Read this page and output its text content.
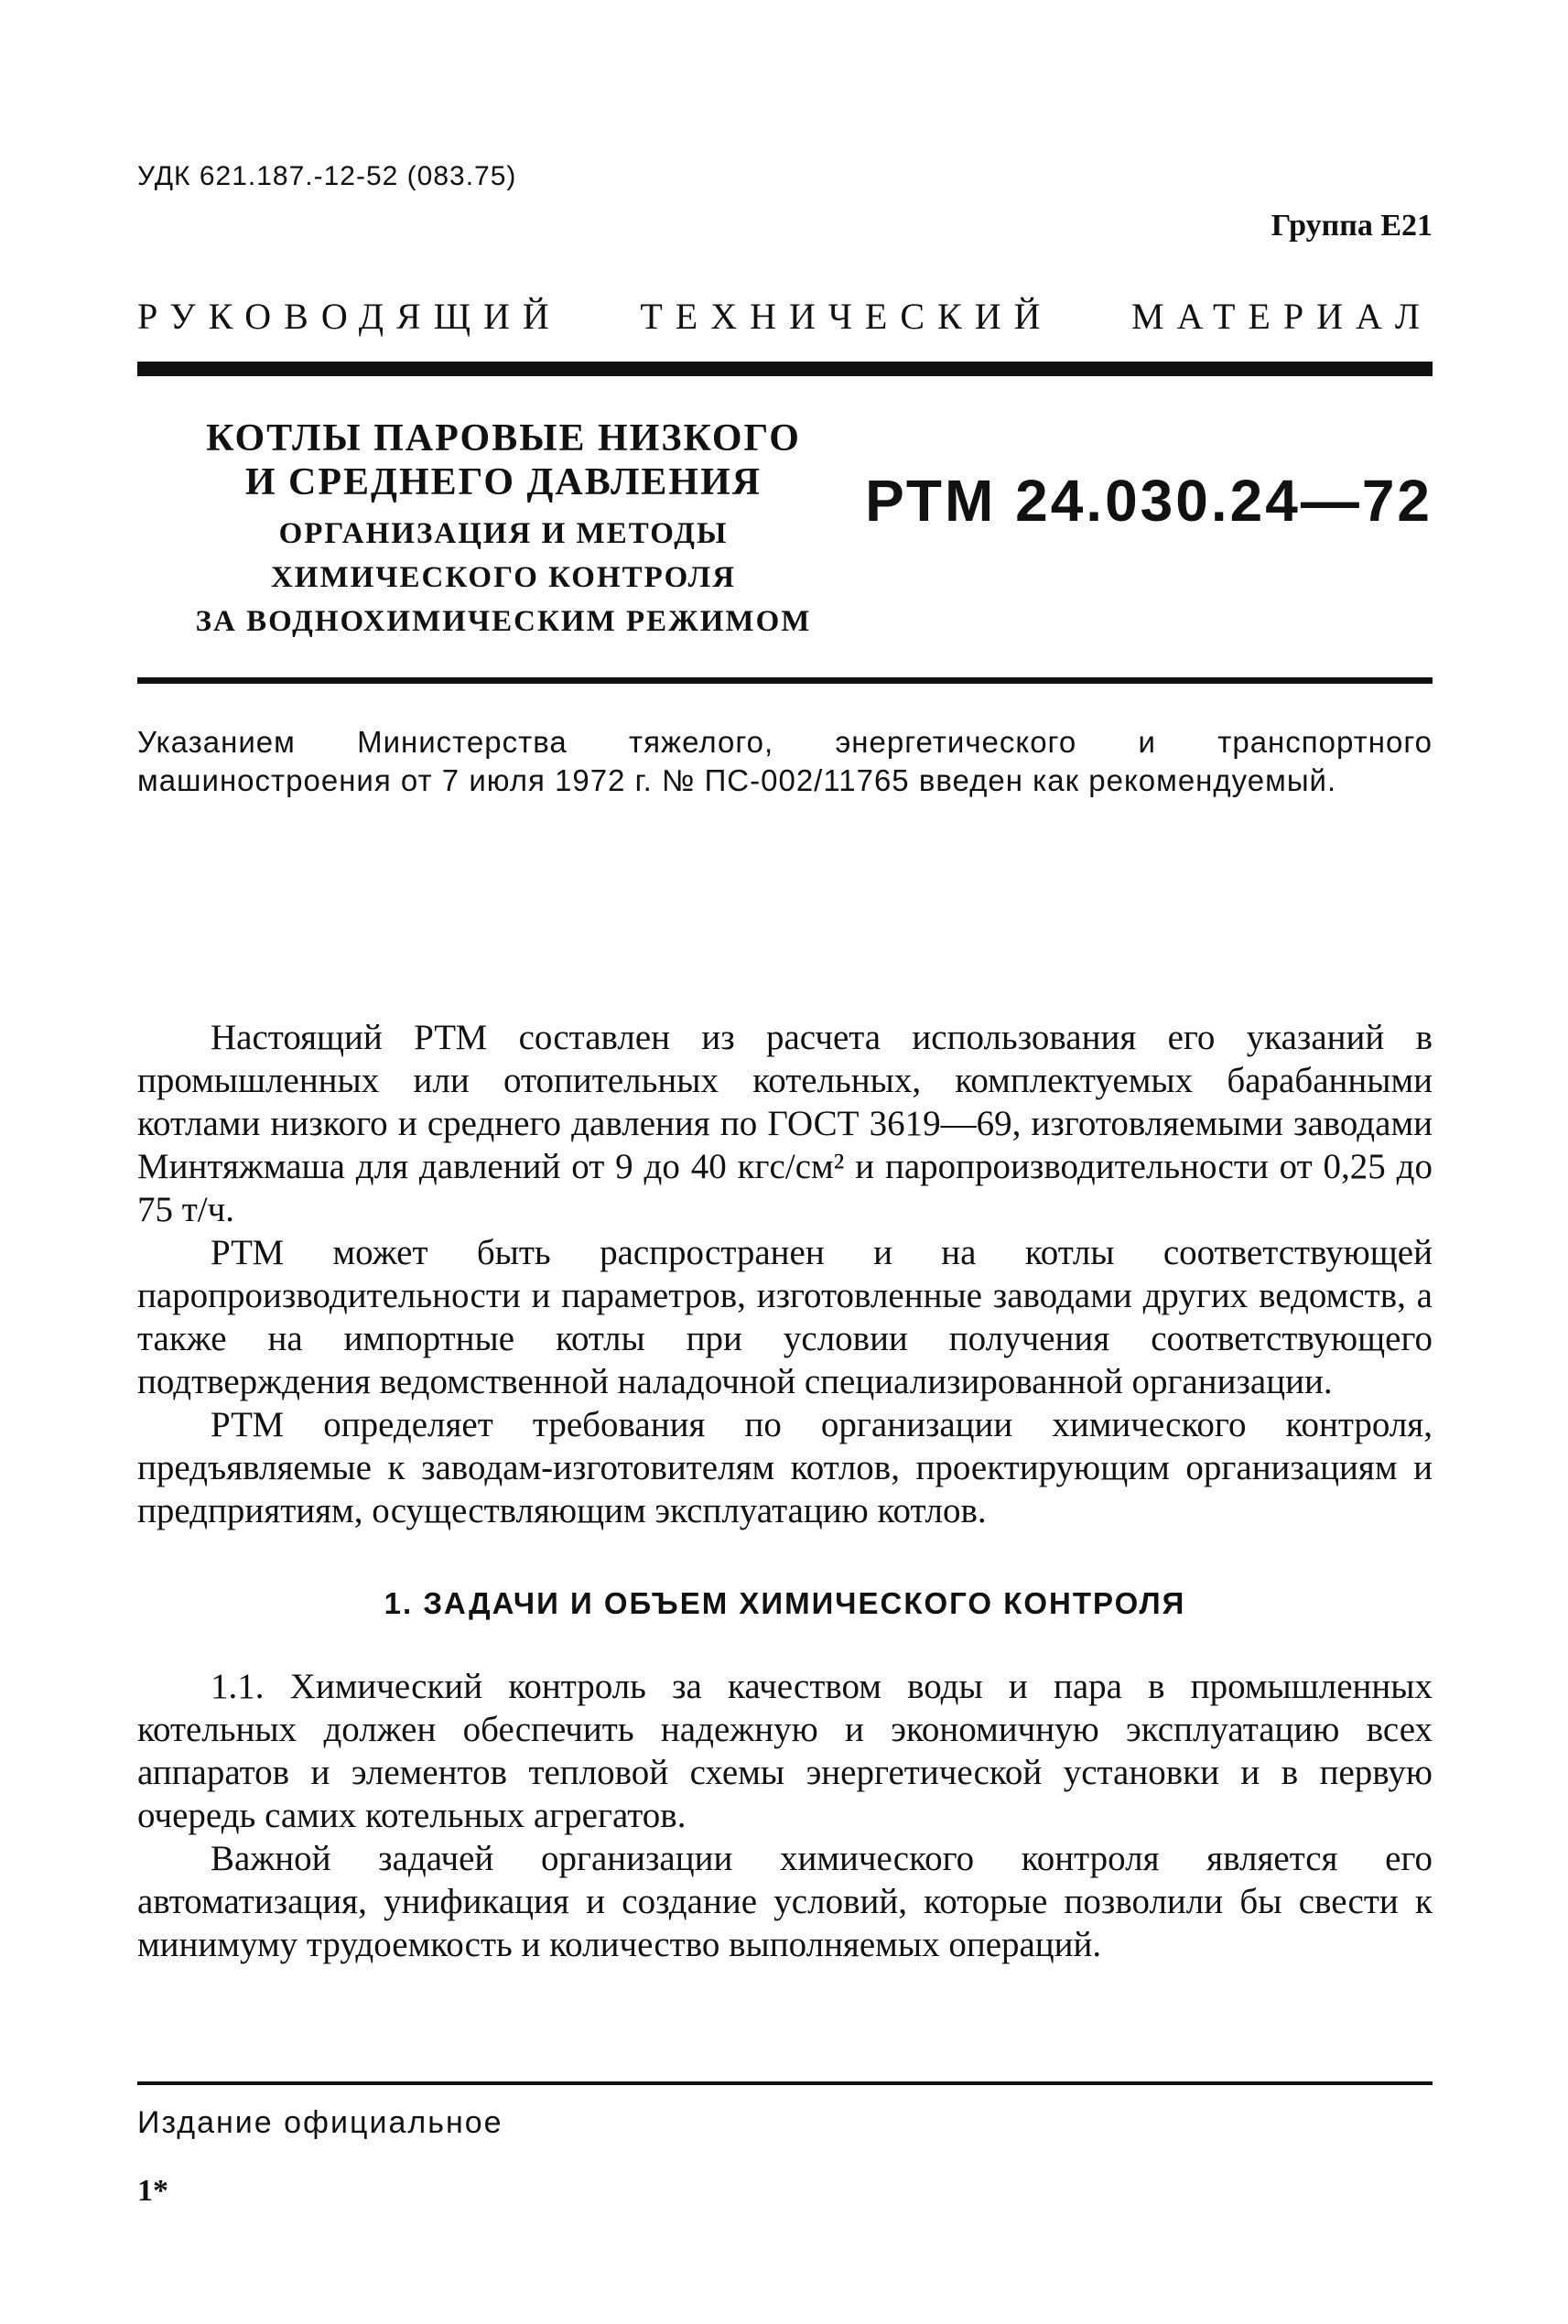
УДК 621.187.-12-52 (083.75)
Группа Е21
РУКОВОДЯЩИЙ ТЕХНИЧЕСКИЙ МАТЕРИАЛ
КОТЛЫ ПАРОВЫЕ НИЗКОГО
И СРЕДНЕГО ДАВЛЕНИЯ
ОРГАНИЗАЦИЯ И МЕТОДЫ
ХИМИЧЕСКОГО КОНТРОЛЯ
ЗА ВОДНОХИМИЧЕСКИМ РЕЖИМОМ
РТМ 24.030.24—72
Указанием Министерства тяжелого, энергетического и транспортного машиностроения от 7 июля 1972 г. № ПС-002/11765 введен как рекомендуемый.

Настоящий РТМ составлен из расчета использования его указаний в промышленных или отопительных котельных, комплектуемых барабанными котлами низкого и среднего давления по ГОСТ 3619—69, изготовляемыми заводами Минтяжмаша для давлений от 9 до 40 кгс/см² и паропроизводительности от 0,25 до 75 т/ч.

РТМ может быть распространен и на котлы соответствующей паропроизводительности и параметров, изготовленные заводами других ведомств, а также на импортные котлы при условии получения соответствующего подтверждения ведомственной наладочной специализированной организации.

РТМ определяет требования по организации химического контроля, предъявляемые к заводам-изготовителям котлов, проектирующим организациям и предприятиям, осуществляющим эксплуатацию котлов.

1. ЗАДАЧИ И ОБЪЕМ ХИМИЧЕСКОГО КОНТРОЛЯ

1.1. Химический контроль за качеством воды и пара в промышленных котельных должен обеспечить надежную и экономичную эксплуатацию всех аппаратов и элементов тепловой схемы энергетической установки и в первую очередь самих котельных агрегатов.

Важной задачей организации химического контроля является его автоматизация, унификация и создание условий, которые позволили бы свести к минимуму трудоемкость и количество выполняемых операций.

Издание официальное
1*
